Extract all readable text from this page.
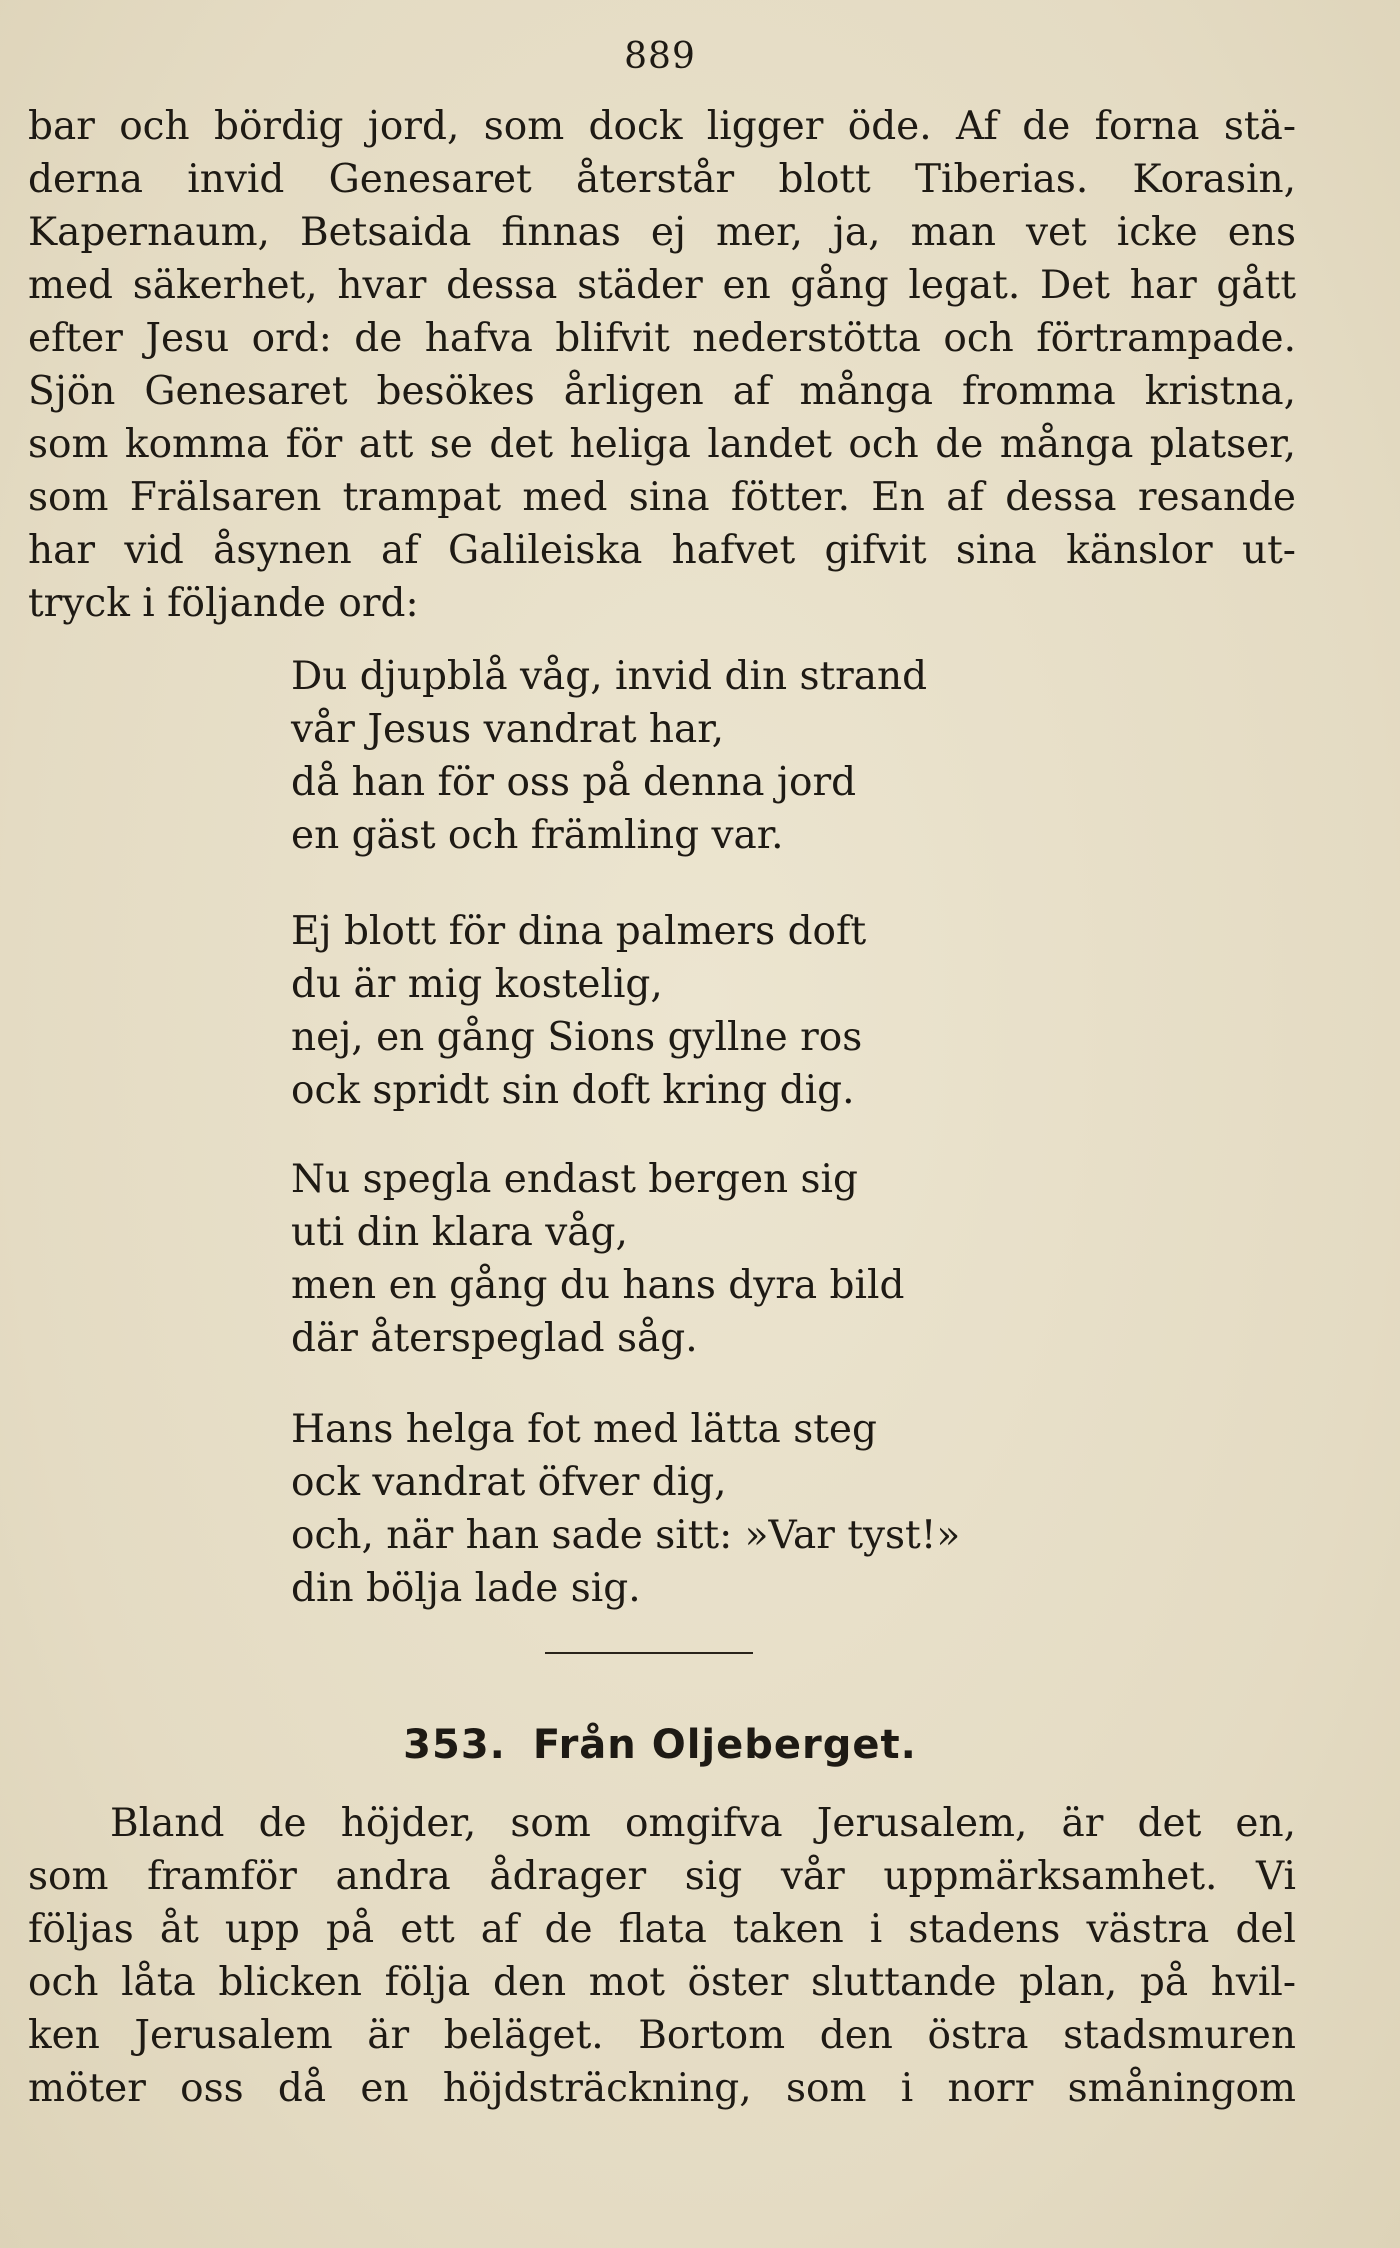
889
bar och bördig jord, som dock ligger öde. Af de forna stä-
derna invid Genesaret återstår blott Tiberias. Korasin,
Kapernaum, Betsaida finnas ej mer, ja, man vet icke ens
med säkerhet, hvar dessa städer en gång legat. Det har gått
efter Jesu ord: de hafva blifvit nederstötta och förtrampade.
Sjön Genesaret besökes årligen af många fromma kristna,
som komma för att se det heliga landet och de många platser,
som Frälsaren trampat med sina fötter. En af dessa resande
har vid åsynen af Galileiska hafvet gifvit sina känslor ut-
tryck i följande ord:
Du djupblå våg, invid din strand
vår Jesus vandrat har,
då han för oss på denna jord
en gäst och främling var.
Ej blott för dina palmers doft
du är mig kostelig,
nej, en gång Sions gyllne ros
ock spridt sin doft kring dig.
Nu spegla endast bergen sig
uti din klara våg,
men en gång du hans dyra bild
där återspeglad såg.
Hans helga fot med lätta steg
ock vandrat öfver dig,
och, när han sade sitt: »Var tyst!»
din bölja lade sig.
353. Från Oljeberget.
Bland de höjder, som omgifva Jerusalem, är det en,
som framför andra ådrager sig vår uppmärksamhet. Vi
följas åt upp på ett af de flata taken i stadens västra del
och låta blicken följa den mot öster sluttande plan, på hvil-
ken Jerusalem är beläget. Bortom den östra stadsmuren
möter oss då en höjdsträckning, som i norr småningom
